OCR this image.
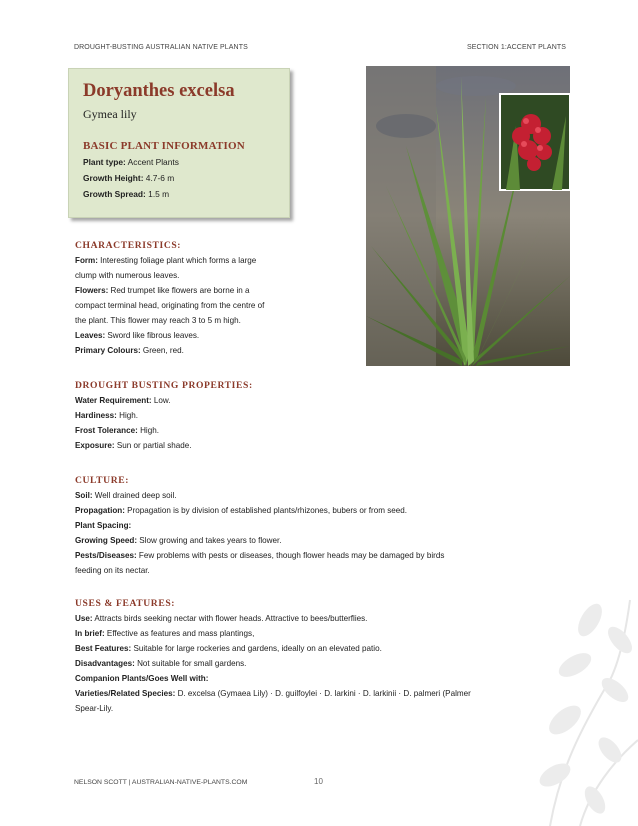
DROUGHT-BUSTING AUSTRALIAN NATIVE PLANTS	SECTION 1:ACCENT PLANTS
Doryanthes excelsa
Gymea lily
BASIC PLANT INFORMATION
Plant type: Accent Plants
Growth Height: 4.7-6 m
Growth Spread: 1.5 m
CHARACTERISTICS:
Form: Interesting foliage plant which forms a large
clump with numerous leaves.
Flowers: Red trumpet like flowers are borne in a
compact terminal head, originating from the centre of
the plant. This flower may reach 3 to 5 m high.
Leaves: Sword like fibrous leaves.
Primary Colours: Green, red.
DROUGHT BUSTING PROPERTIES:
Water Requirement: Low.
Hardiness: High.
Frost Tolerance: High.
Exposure: Sun or partial shade.
CULTURE:
Soil: Well drained deep soil.
Propagation: Propagation is by division of established plants/rhizones, bubers or from seed.
Plant Spacing:
Growing Speed: Slow growing and takes years to flower.
Pests/Diseases: Few problems with pests or diseases, though flower heads may be damaged by birds
feeding on its nectar.
USES & FEATURES:
Use: Attracts birds seeking nectar with flower heads. Attractive to bees/butterflies.
In brief: Effective as features and mass plantings,
Best Features: Suitable for large rockeries and gardens, ideally on an elevated patio.
Disadvantages: Not suitable for small gardens.
Companion Plants/Goes Well with:
Varieties/Related Species: D. excelsa (Gymaea Lily) · D. guilfoylei · D. larkini · D. larkinii · D. palmeri (Palmer
Spear-Lily.
NELSON SCOTT | AUSTRALIAN-NATIVE-PLANTS.COM	10
